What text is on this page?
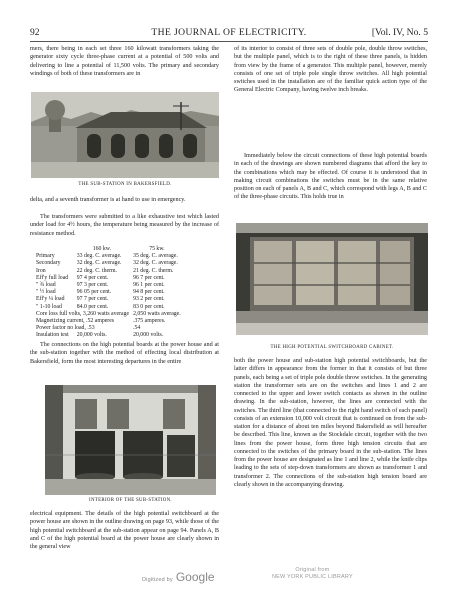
92	THE JOURNAL OF ELECTRICITY.	[Vol. IV, No. 5

mers, there being in each set three 160 kilowatt transformers taking the generator sixty cycle three-phase current at a potential of 500 volts and delivering to line a potential of 11,500 volts. The primary and secondary windings of both of these transformers are in

THE SUB-STATION IN BAKERSFIELD.

delta, and a seventh transformer is at hand to use in emergency.

The transformers were submitted to a like exhaustive test which lasted under load for 4½ hours, the temperature being measured by the increase of resistance method.

	160 kw.	75 kw.
Primary	33 deg. C. average.	35 deg. C. average.
Secondary	32 deg. C. average.	32 deg. C. average.
Iron	22 deg. C. therm.	21 deg. C. therm.
Eff'y full load	97 4 per cent.	96 7 per cent.
" ¾ load	97 3 per cent.	96 1 per cent.
" ½ load	96 05 per cent.	94 8 per cent.
Eff'y ¼ load	97 7 per cent.	93 2 per cent.
" 1-10 load	84.0 per cent.	83 0 per cent.
Core loss full volts, 3,260 watts average		2,050 watts average.
Magnetizing current, .52 amperes		.375 amperes.
Power factor no load, .53		.54
Insulation test	20,000 volts.	20,000 volts.

The connections on the high potential boards at the power house and at the sub-station together with the method of effecting local distribution at Bakersfield, form the most interesting departures in the entire

INTERIOR OF THE SUB-STATION.

electrical equipment. The details of the high potential switchboard at the power house are shown in the outline drawing on page 93, while those of the high potential switchboard at the sub-station appear on page 94. Panels A, B and C of the high potential board at the power house are clearly shown in the general view

of its interior to consist of three sets of double pole, double throw switches, but the multiple panel, which is to the right of these three panels, is hidden from view by the frame of a generator. This multiple panel, however, merely consists of one set of triple pole single throw switches. All high potential switches used in the installation are of the familiar quick action type of the General Electric Company, having twelve inch breaks.

Immediately below the circuit connections of these high potential boards in each of the drawings are shown numbered diagrams that afford the key to the combinations which may be effected. Of course it is understood that in making circuit combinations the switches must be in the same relative position on each of panels A, B and C, which correspond with legs A, B and C of the three-phase circuits. This holds true in

THE HIGH POTENTIAL SWITCHBOARD CABINET.

both the power house and sub-station high potential switchboards, but the latter differs in appearance from the former in that it consists of but three panels, each being a set of triple pole double throw switches. In the generating station the transformer sets are on the switches and lines 1 and 2 are connected to the upper and lower switch contacts as shown in the outline drawing. In the sub-station, however, the lines are connected with the switches. The third line (that connected to the right hand switch of each panel) consists of an extension 10,000 volt circuit that is continued on from the sub-station for a distance of about ten miles beyond Bakersfield as will hereafter be described. This line, known as the Stockdale circuit, together with the two lines from the power house, form three high tension circuits that are connected to the switches of the primary board in the sub-station. The lines from the power house are designated as line 1 and line 2, while the knife clips leading to the sets of step-down transformers are shown as transformer 1 and transformer 2. The connections of the sub-station high tension board are clearly shown in the accompanying drawing.

Digitized by Google	Original from
NEW YORK PUBLIC LIBRARY
